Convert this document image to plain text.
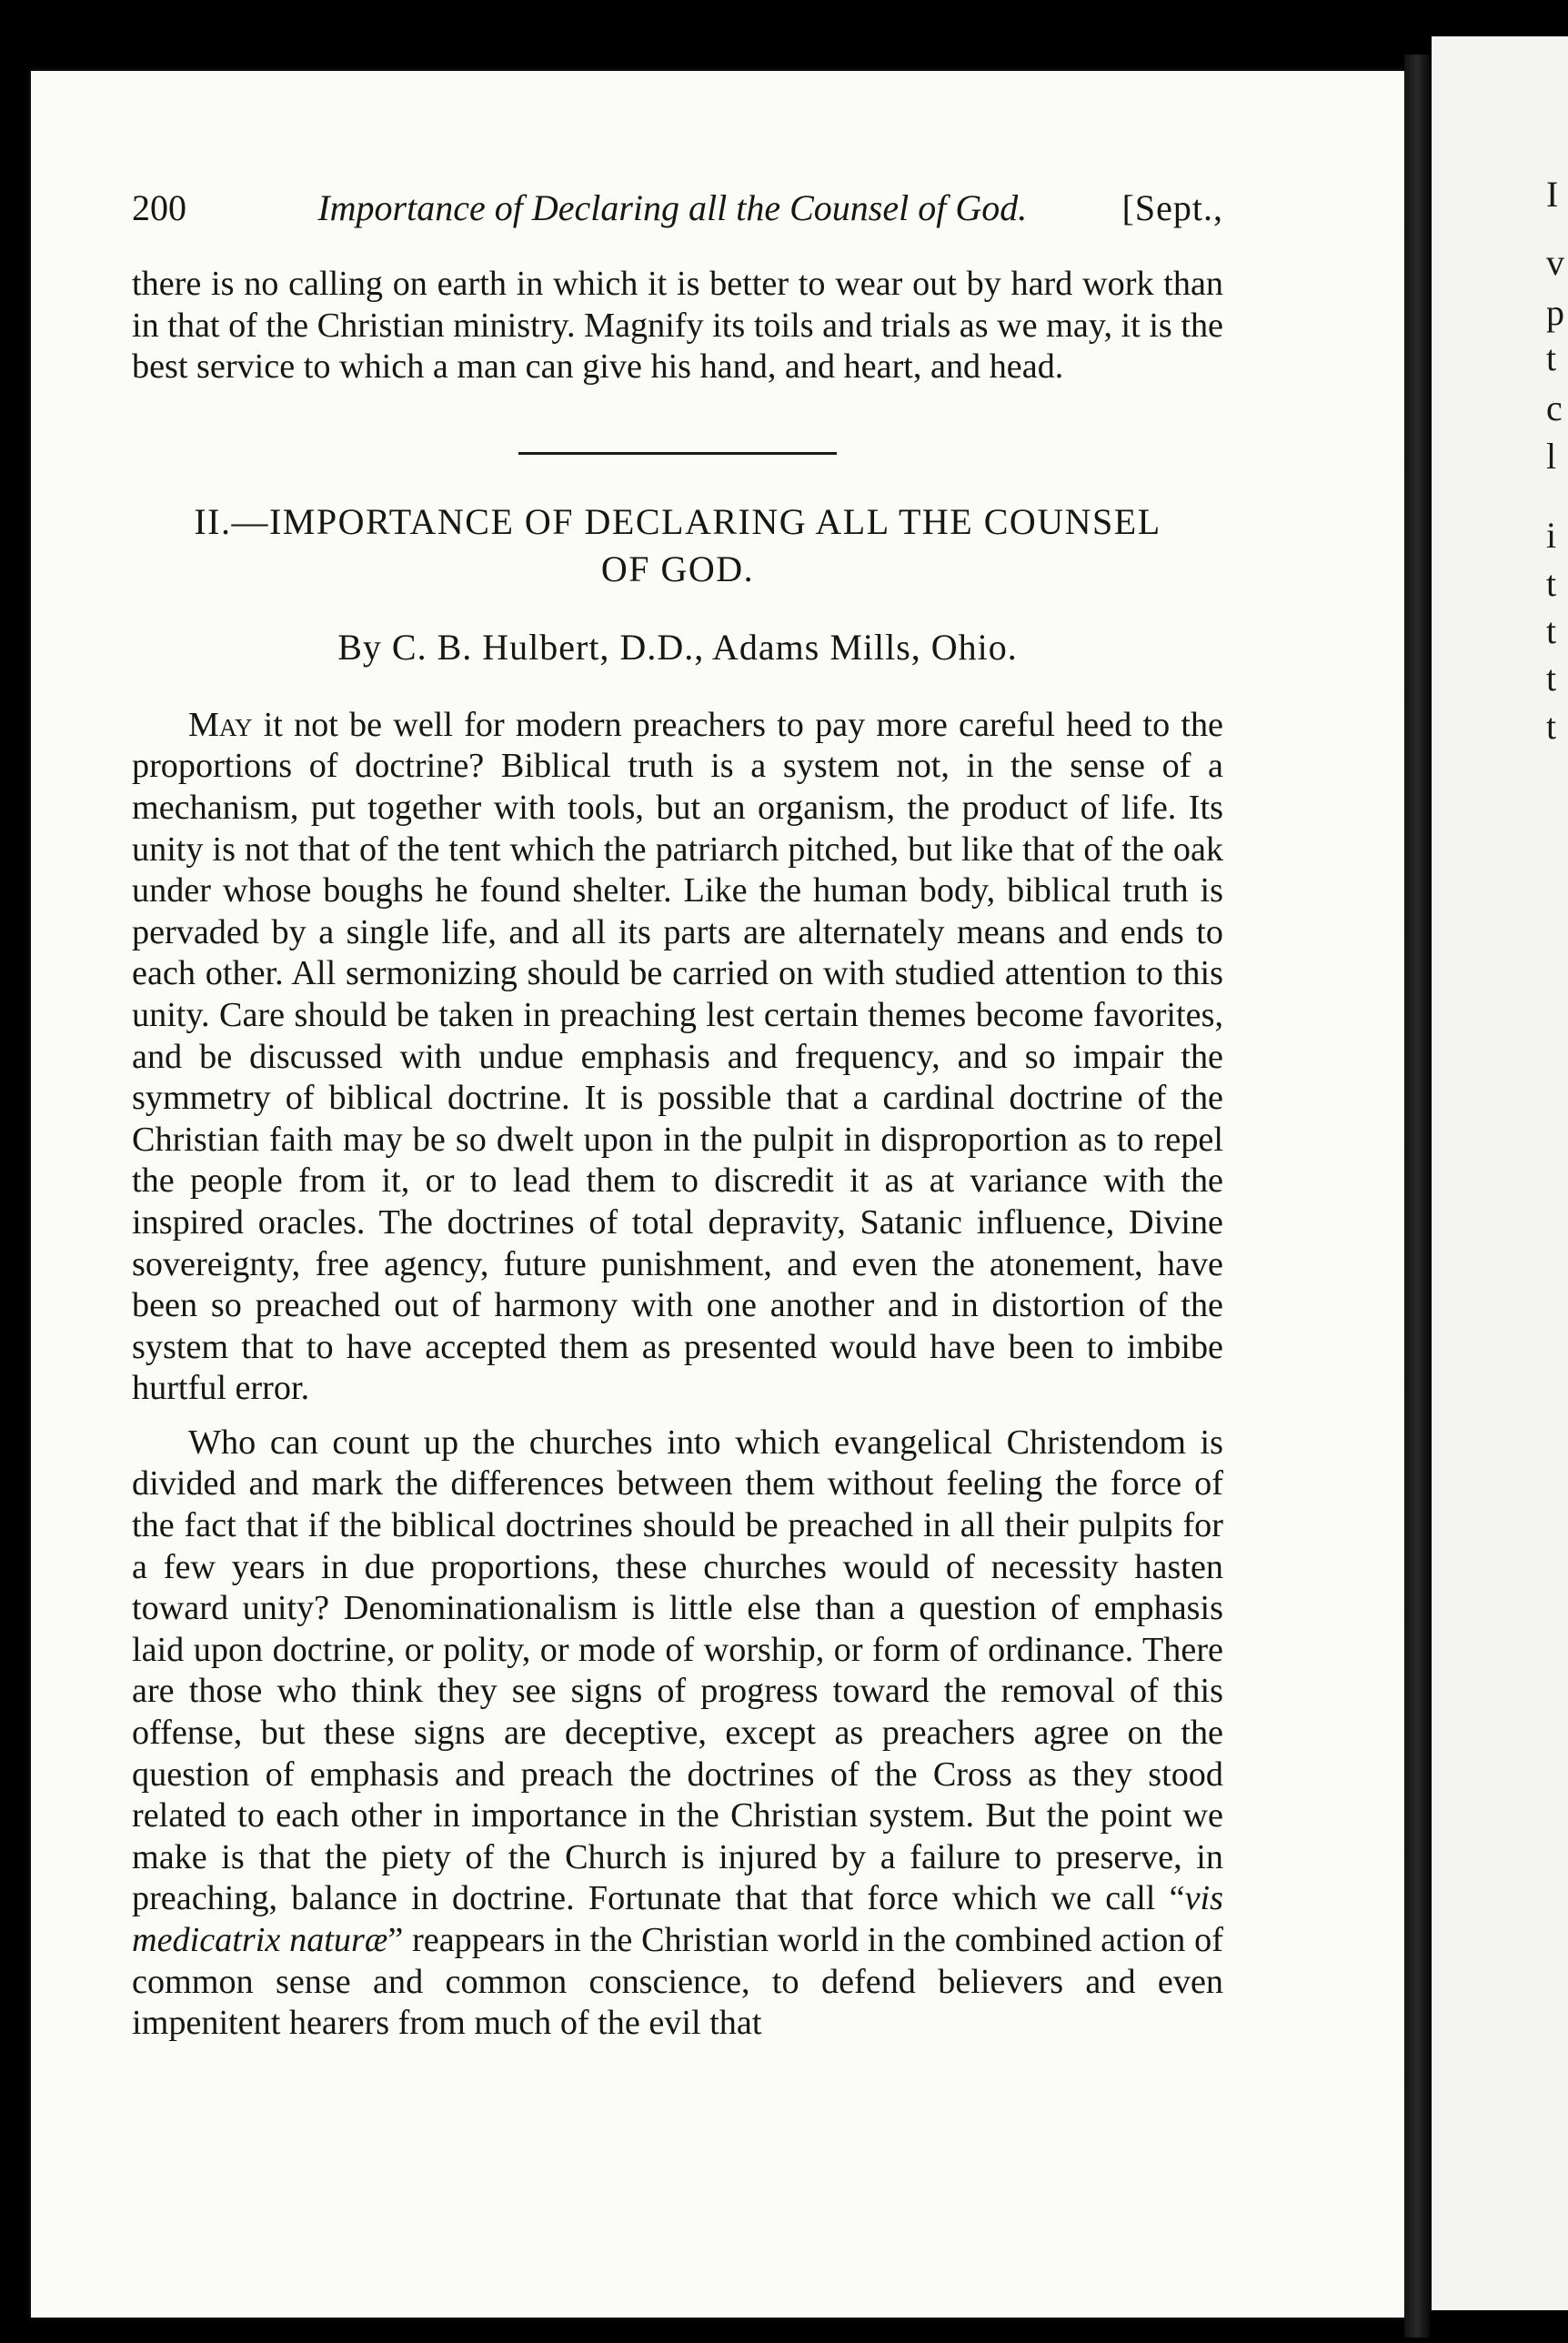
I
v
p
t
c
l
i
t
t
t
t
200	Importance of Declaring all the Counsel of God.	[Sept.,

there is no calling on earth in which it is better to wear out by hard work than in that of the Christian ministry. Magnify its toils and trials as we may, it is the best service to which a man can give his hand, and heart, and head.

II.—IMPORTANCE OF DECLARING ALL THE COUNSEL
OF GOD.
By C. B. Hulbert, D.D., Adams Mills, Ohio.

May it not be well for modern preachers to pay more careful heed to the proportions of doctrine? Biblical truth is a system not, in the sense of a mechanism, put together with tools, but an organism, the product of life. Its unity is not that of the tent which the patriarch pitched, but like that of the oak under whose boughs he found shelter. Like the human body, biblical truth is pervaded by a single life, and all its parts are alternately means and ends to each other. All sermonizing should be carried on with studied attention to this unity. Care should be taken in preaching lest certain themes become favorites, and be discussed with undue emphasis and frequency, and so impair the symmetry of biblical doctrine. It is possible that a cardinal doctrine of the Christian faith may be so dwelt upon in the pulpit in disproportion as to repel the people from it, or to lead them to discredit it as at variance with the inspired oracles. The doctrines of total depravity, Satanic influence, Divine sovereignty, free agency, future punishment, and even the atonement, have been so preached out of harmony with one another and in distortion of the system that to have accepted them as presented would have been to imbibe hurtful error.

Who can count up the churches into which evangelical Christendom is divided and mark the differences between them without feeling the force of the fact that if the biblical doctrines should be preached in all their pulpits for a few years in due proportions, these churches would of necessity hasten toward unity? Denominationalism is little else than a question of emphasis laid upon doctrine, or polity, or mode of worship, or form of ordinance. There are those who think they see signs of progress toward the removal of this offense, but these signs are deceptive, except as preachers agree on the question of emphasis and preach the doctrines of the Cross as they stood related to each other in importance in the Christian system. But the point we make is that the piety of the Church is injured by a failure to preserve, in preaching, balance in doctrine. Fortunate that that force which we call “vis medicatrix naturæ” reappears in the Christian world in the combined action of common sense and common conscience, to defend believers and even impenitent hearers from much of the evil that
